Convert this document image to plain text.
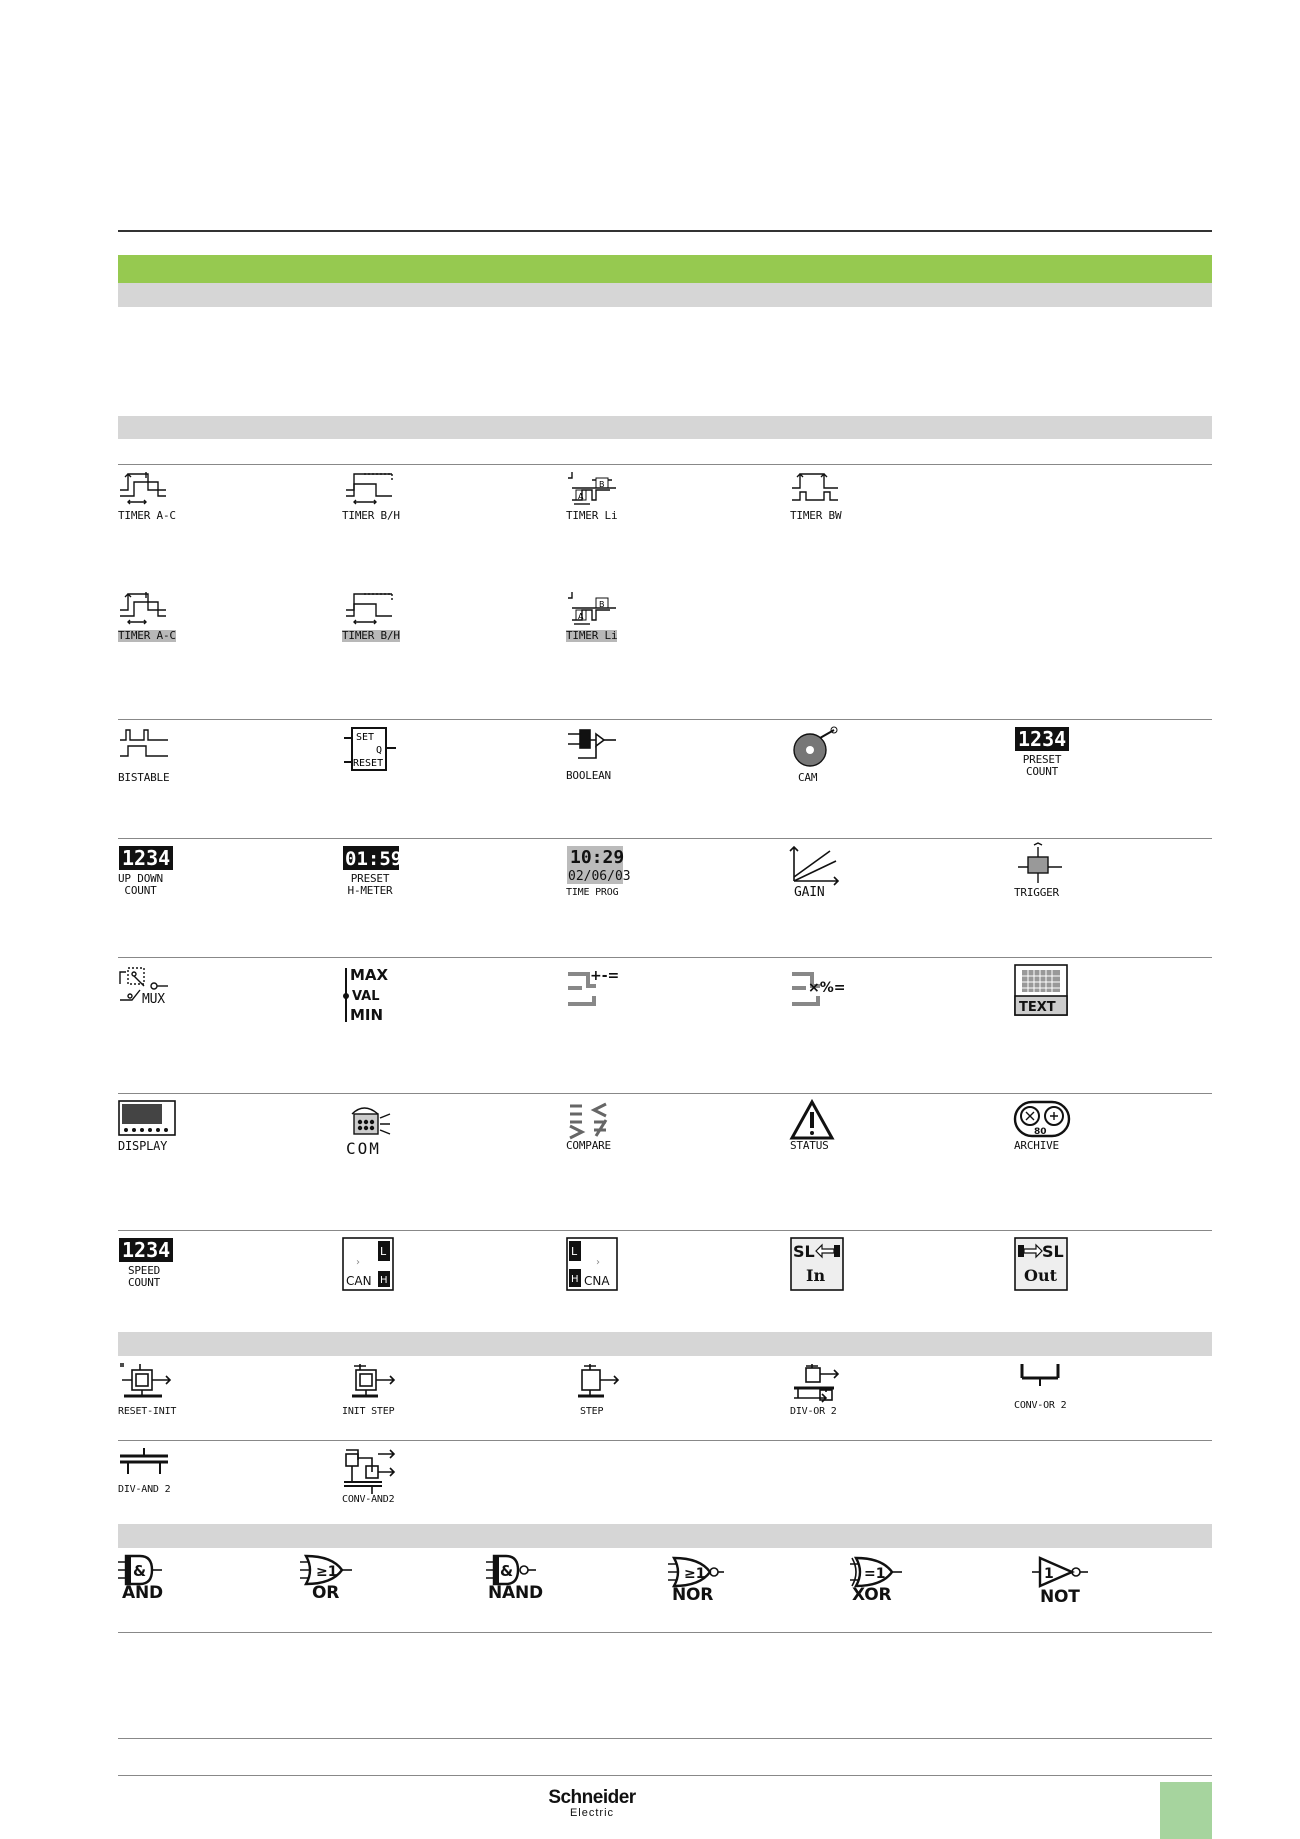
TIMER A-C	TIMER B/H
A
B
TIMER Li	TIMER BW
TIMER A-C	TIMER B/H
A
B
TIMER Li
BISTABLE
SET
Q
RESET
BOOLEAN	CAM
1234
PRESET
COUNT
1234
UP DOWN
COUNT
01:59
PRESET
H-METER
10:29
02/06/03
TIME PROG	GAIN	TRIGGER
MUX
MAX
VAL
MIN
+-=
×%=
TEXT
DISPLAY	COM	COMPARE	STATUS
80
ARCHIVE
1234
SPEED
COUNT
L
›
CAN H
L
›
H CNA
SL
In
SL
Out
RESET-INIT	INIT STEP	STEP	DIV-OR 2
CONV-OR 2
DIV-AND 2
CONV-AND2
&
AND
≥1
OR
&
NAND
≥1
NOR
=1
XOR
1
NOT
Schneider
Electric
